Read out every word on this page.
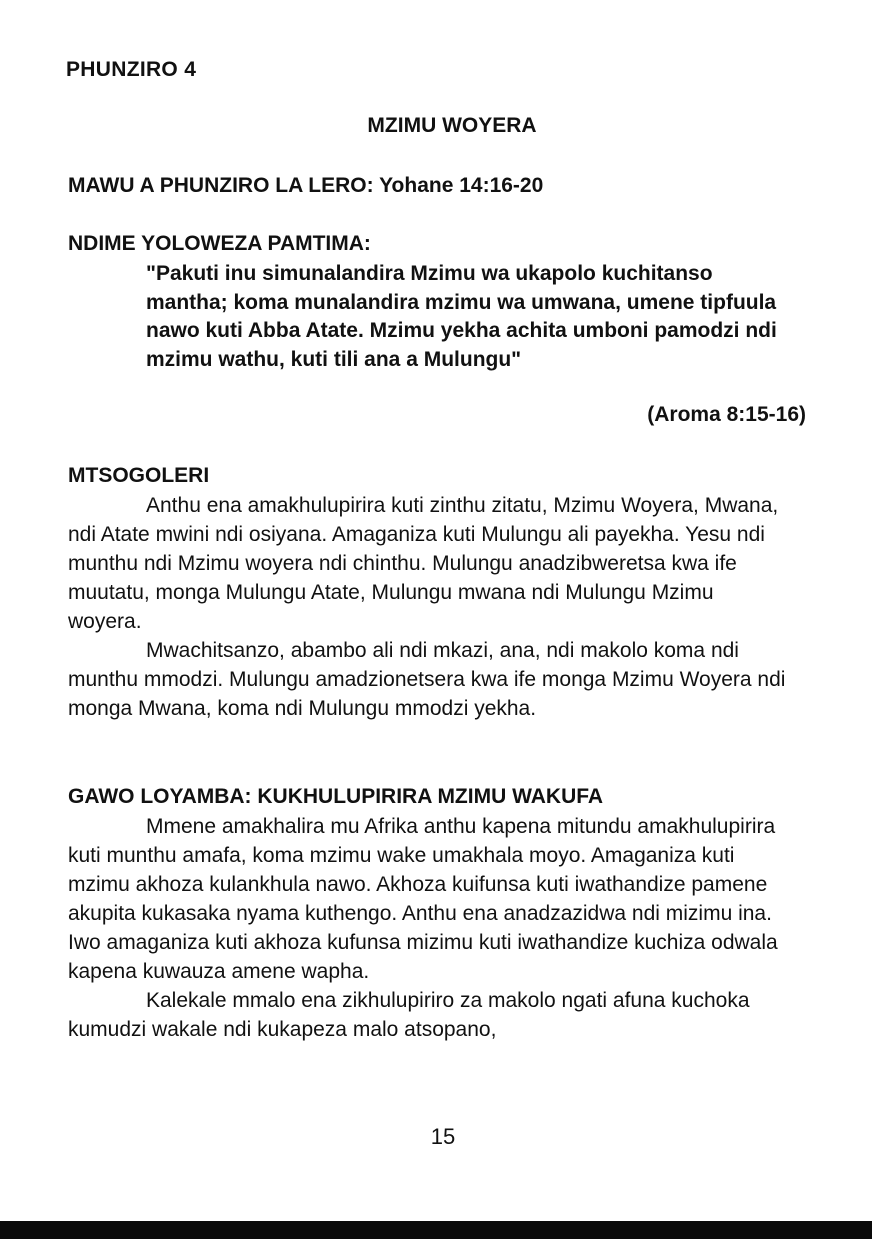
PHUNZIRO 4
MZIMU WOYERA
MAWU A PHUNZIRO LA LERO: Yohane 14:16-20
NDIME YOLOWEZA PAMTIMA:
"Pakuti inu simunalandira Mzimu wa ukapolo kuchitanso mantha; koma munalandira mzimu wa umwana, umene tipfuula nawo kuti Abba Atate. Mzimu yekha achita umboni pamodzi ndi mzimu wathu, kuti tili ana a Mulungu"
(Aroma 8:15-16)
MTSOGOLERI

Anthu ena amakhulupirira kuti zinthu zitatu, Mzimu Woyera, Mwana, ndi Atate mwini ndi osiyana. Amaganiza kuti Mulungu ali payekha. Yesu ndi munthu ndi Mzimu woyera ndi chinthu. Mulungu anadzibweretsa kwa ife muutatu, monga Mulungu Atate, Mulungu mwana ndi Mulungu Mzimu woyera.

Mwachitsanzo, abambo ali ndi mkazi, ana, ndi makolo koma ndi munthu mmodzi. Mulungu amadzionetsera kwa ife monga Mzimu Woyera ndi monga Mwana, koma ndi Mulungu mmodzi yekha.

GAWO LOYAMBA: KUKHULUPIRIRA MZIMU WAKUFA

Mmene amakhalira mu Afrika anthu kapena mitundu amakhulupirira kuti munthu amafa, koma mzimu wake umakhala moyo. Amaganiza kuti mzimu akhoza kulankhula nawo. Akhoza kuifunsa kuti iwathandize pamene akupita kukasaka nyama kuthengo. Anthu ena anadzazidwa ndi mizimu ina. Iwo amaganiza kuti akhoza kufunsa mizimu kuti iwathandize kuchiza odwala kapena kuwauza amene wapha.

Kalekale mmalo ena zikhulupiriro za makolo ngati afuna kuchoka kumudzi wakale ndi kukapeza malo atsopano,

15
